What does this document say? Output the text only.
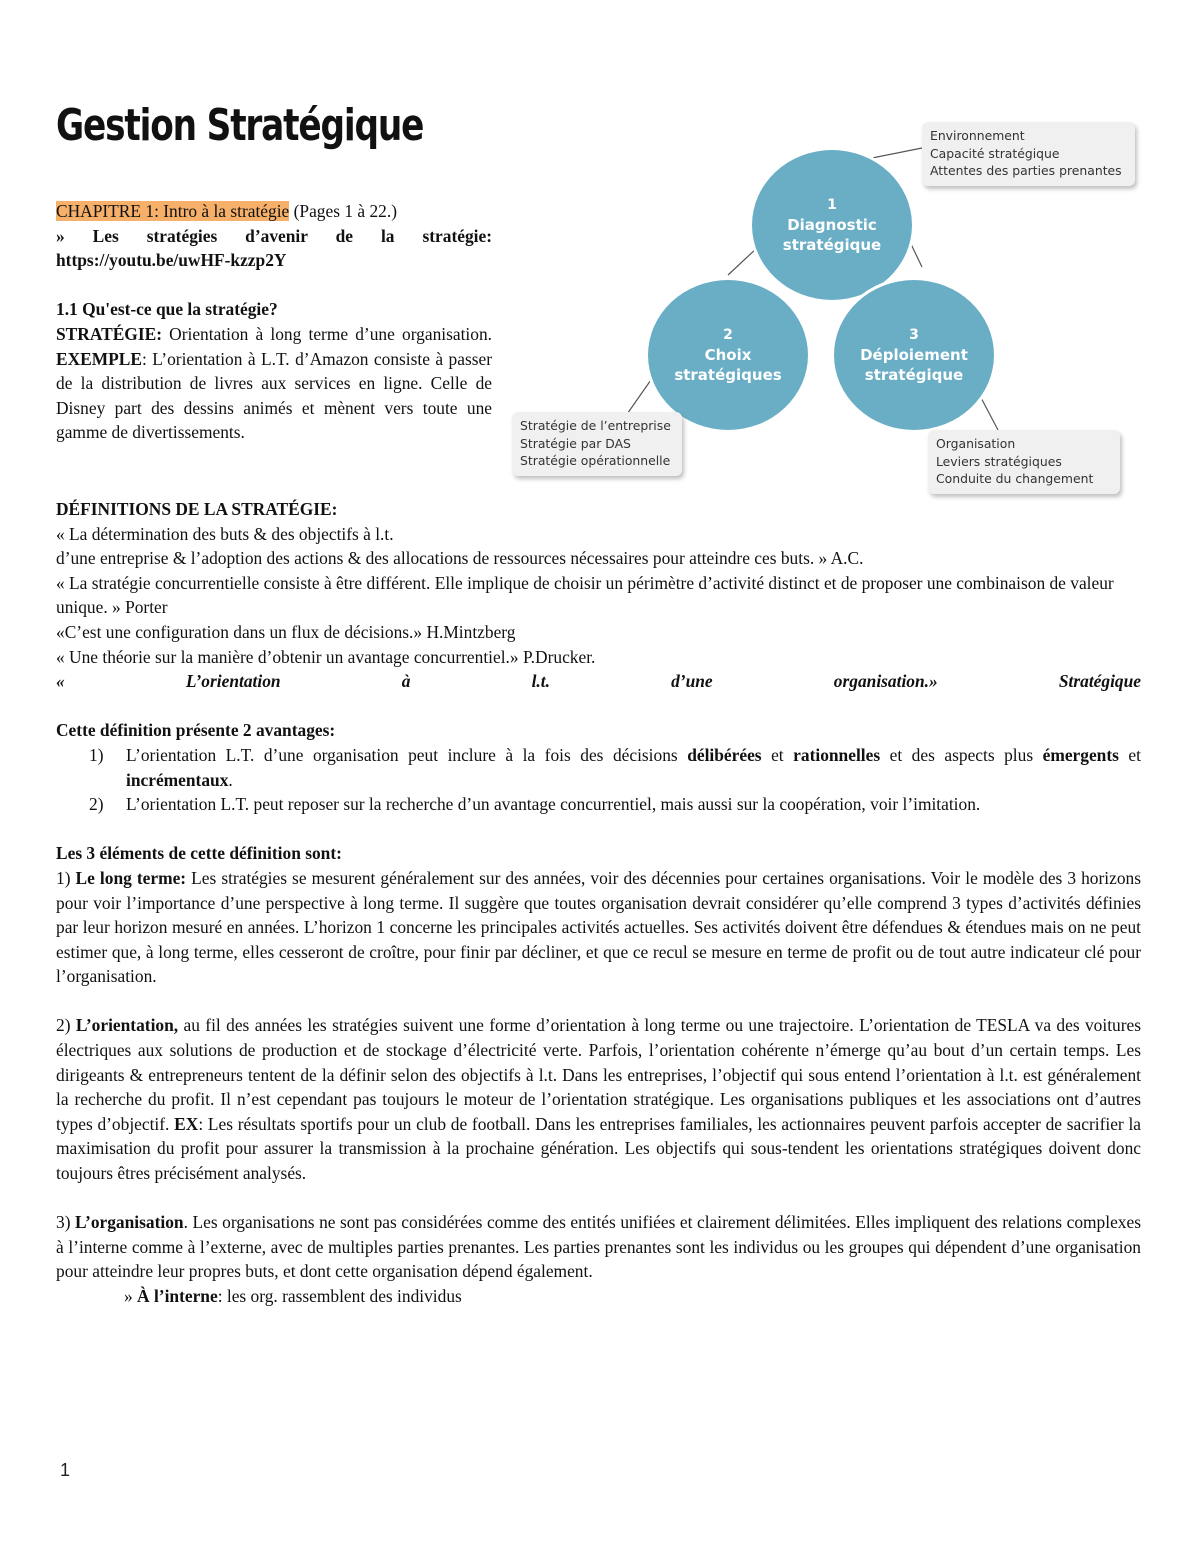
Gestion Stratégique

CHAPITRE 1: Intro à la stratégie (Pages 1 à 22.)

» Les stratégies d’avenir de la stratégie:

https://youtu.be/uwHF-kzzp2Y

1.1 Qu'est-ce que la stratégie?

STRATÉGIE: Orientation à long terme d’une organisation. EXEMPLE: L’orientation à L.T. d’Amazon consiste à passer de la distribution de livres aux services en ligne. Celle de Disney part des dessins animés et mènent vers toute une gamme de divertissements.

1
Diagnostic
stratégique
2
Choix
stratégiques
3
Déploiement
stratégique
Environnement
Capacité stratégique
Attentes des parties prenantes
Stratégie de l’entreprise
Stratégie par DAS
Stratégie opérationnelle
Organisation
Leviers stratégiques
Conduite du changement

DÉFINITIONS DE LA STRATÉGIE:

« La détermination des buts & des objectifs à l.t.

d’une entreprise & l’adoption des actions & des allocations de ressources nécessaires pour atteindre ces buts. » A.C.

« La stratégie concurrentielle consiste à être différent. Elle implique de choisir un périmètre d’activité distinct et de proposer une combinaison de valeur unique. » Porter

«C’est une configuration dans un flux de décisions.» H.Mintzberg

« Une théorie sur la manière d’obtenir un avantage concurrentiel.» P.Drucker.

« L’orientation à l.t. d’une organisation.» Stratégique

Cette définition présente 2 avantages:

1) L’orientation L.T. d’une organisation peut inclure à la fois des décisions délibérées et rationnelles et des aspects plus émergents et incrémentaux.
2) L’orientation L.T. peut reposer sur la recherche d’un avantage concurrentiel, mais aussi sur la coopération, voir l’imitation.

Les 3 éléments de cette définition sont:

1) Le long terme: Les stratégies se mesurent généralement sur des années, voir des décennies pour certaines organisations. Voir le modèle des 3 horizons pour voir l’importance d’une perspective à long terme. Il suggère que toutes organisation devrait considérer qu’elle comprend 3 types d’activités définies par leur horizon mesuré en années. L’horizon 1 concerne les principales activités actuelles. Ses activités doivent être défendues & étendues mais on ne peut estimer que, à long terme, elles cesseront de croître, pour finir par décliner, et que ce recul se mesure en terme de profit ou de tout autre indicateur clé pour l’organisation.

2) L’orientation, au fil des années les stratégies suivent une forme d’orientation à long terme ou une trajectoire. L’orientation de TESLA va des voitures électriques aux solutions de production et de stockage d’électricité verte. Parfois, l’orientation cohérente n’émerge qu’au bout d’un certain temps. Les dirigeants & entrepreneurs tentent de la définir selon des objectifs à l.t. Dans les entreprises, l’objectif qui sous entend l’orientation à l.t. est généralement la recherche du profit. Il n’est cependant pas toujours le moteur de l’orientation stratégique. Les organisations publiques et les associations ont d’autres types d’objectif. EX: Les résultats sportifs pour un club de football. Dans les entreprises familiales, les actionnaires peuvent parfois accepter de sacrifier la maximisation du profit pour assurer la transmission à la prochaine génération. Les objectifs qui sous-tendent les orientations stratégiques doivent donc toujours êtres précisément analysés.

3) L’organisation. Les organisations ne sont pas considérées comme des entités unifiées et clairement délimitées. Elles impliquent des relations complexes à l’interne comme à l’externe, avec de multiples parties prenantes. Les parties prenantes sont les individus ou les groupes qui dépendent d’une organisation pour atteindre leur propres buts, et dont cette organisation dépend également.

» À l’interne: les org. rassemblent des individus

1
